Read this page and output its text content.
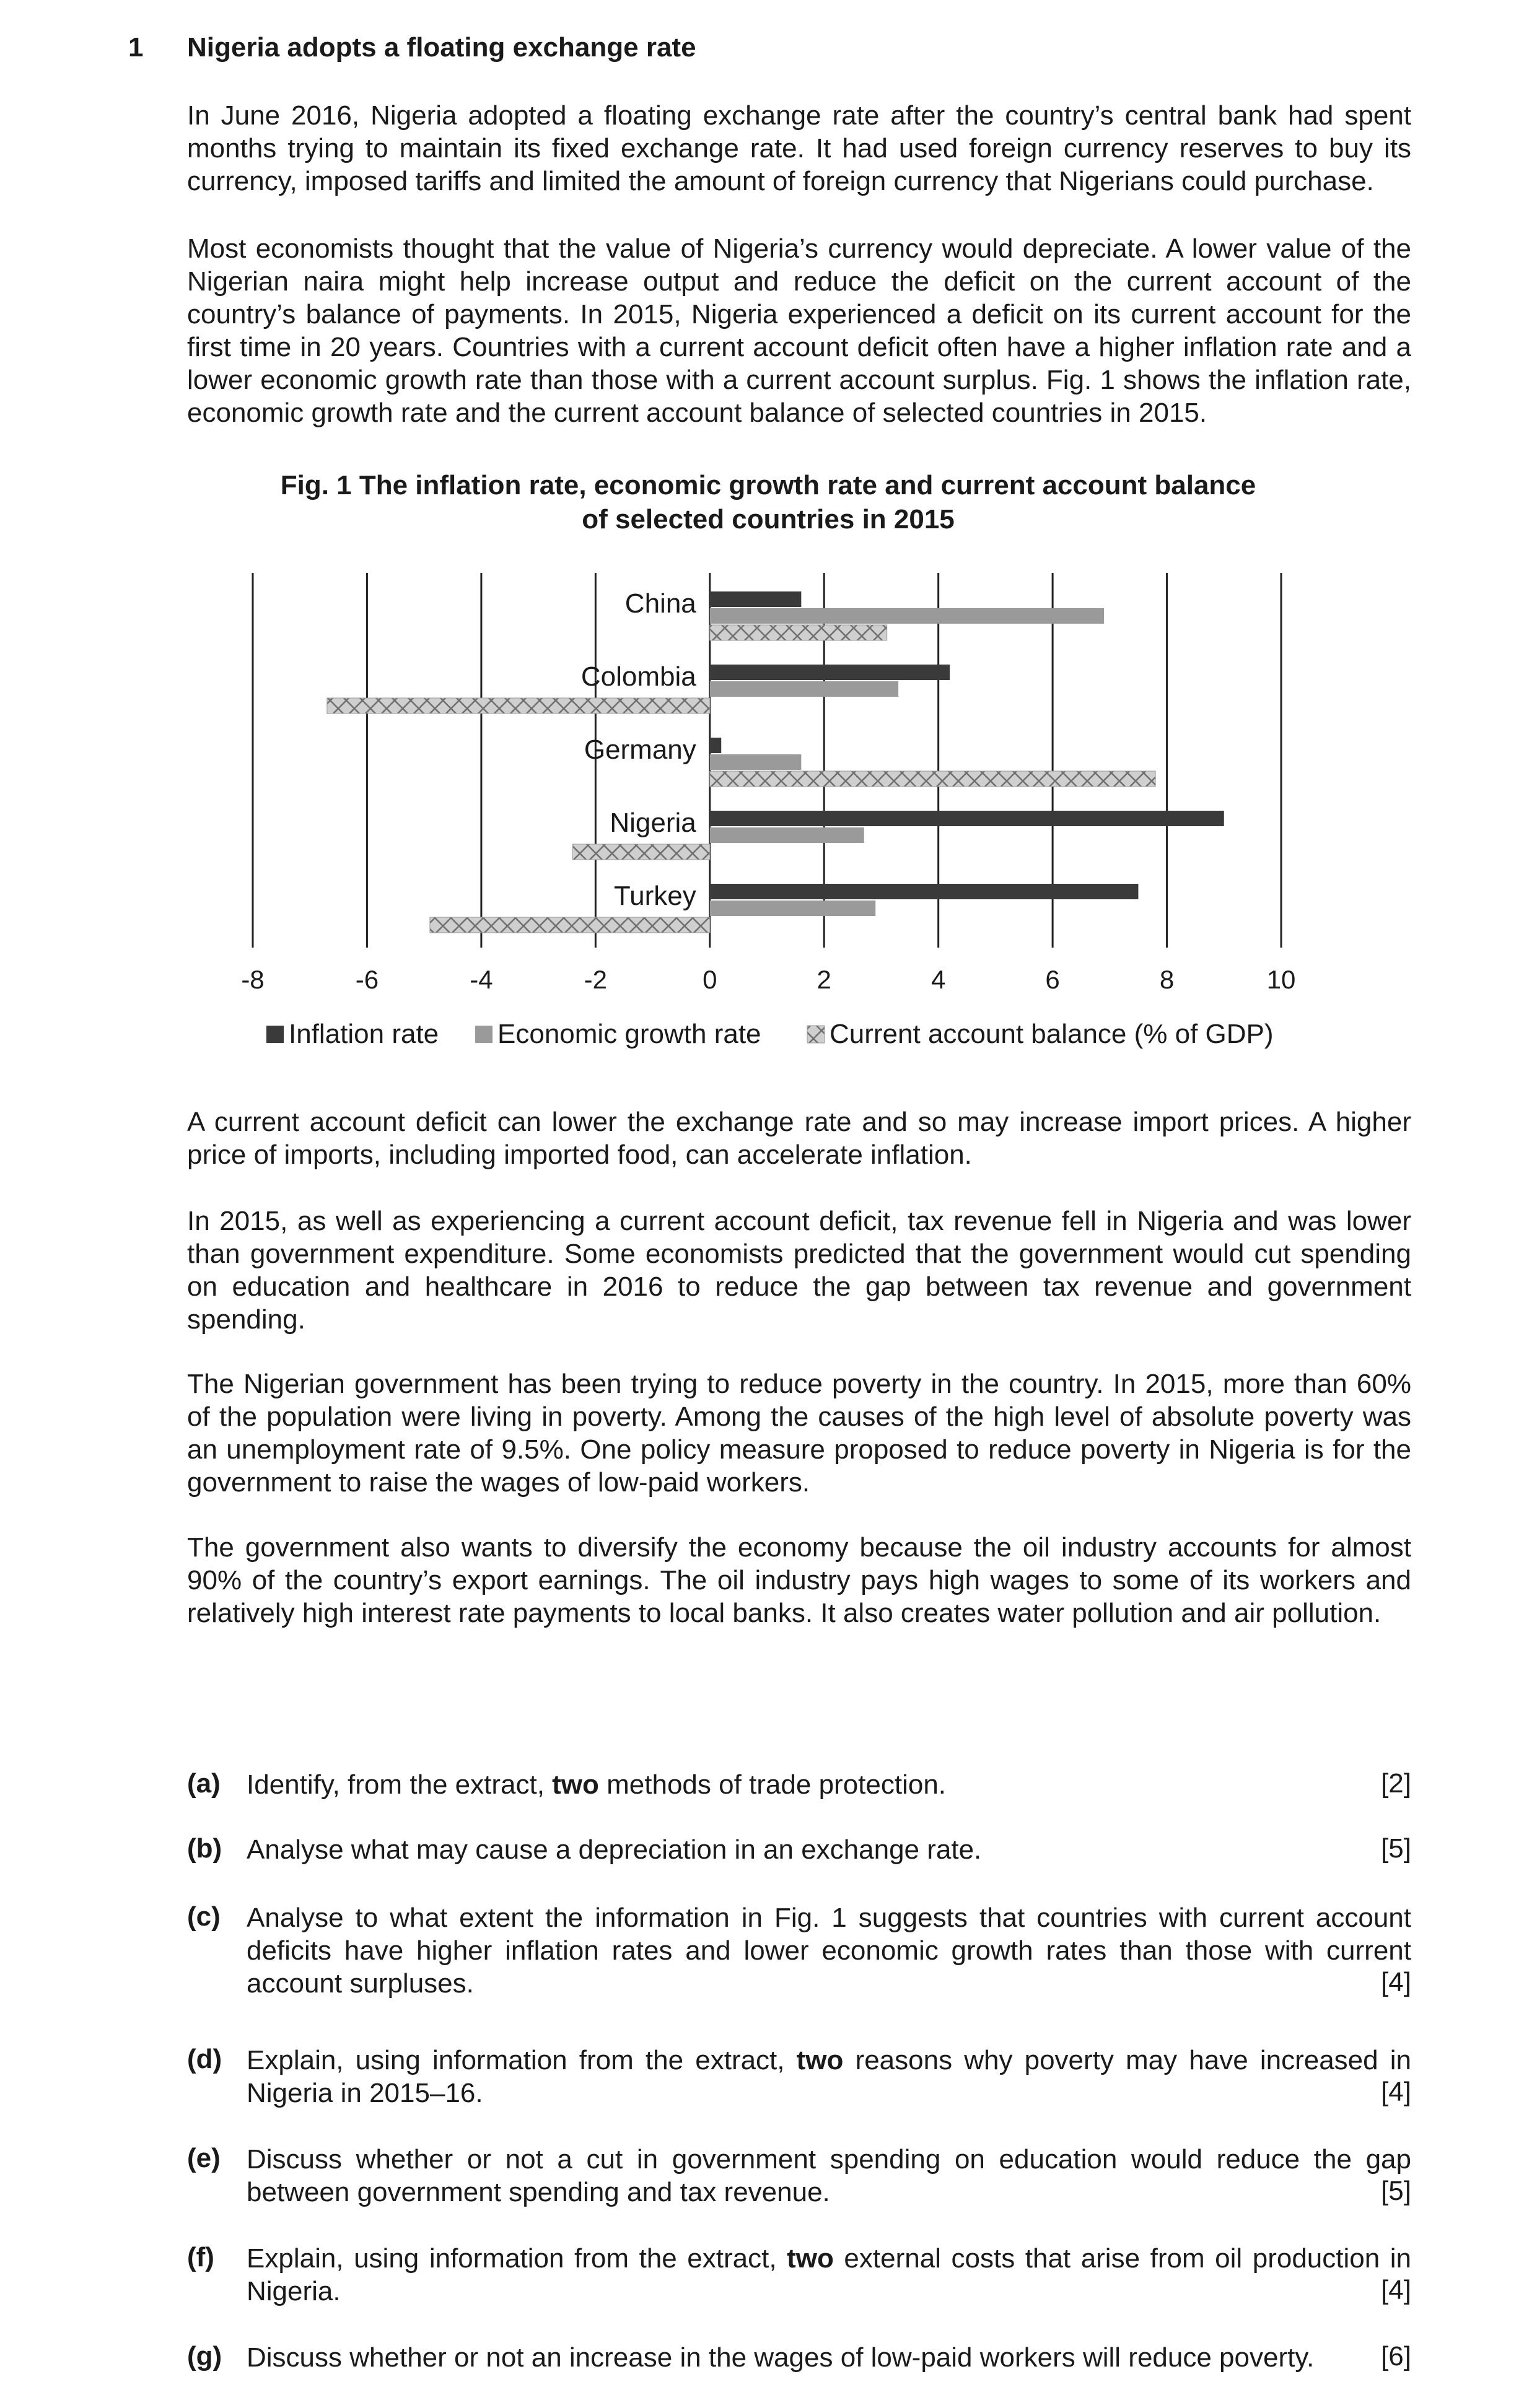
1 Nigeria adopts a floating exchange rate

In June 2016, Nigeria adopted a floating exchange rate after the country’s central bank had spent months trying to maintain its fixed exchange rate. It had used foreign currency reserves to buy its currency, imposed tariffs and limited the amount of foreign currency that Nigerians could purchase.

Most economists thought that the value of Nigeria’s currency would depreciate. A lower value of the Nigerian naira might help increase output and reduce the deficit on the current account of the country’s balance of payments. In 2015, Nigeria experienced a deficit on its current account for the first time in 20 years. Countries with a current account deficit often have a higher inflation rate and a lower economic growth rate than those with a current account surplus. Fig. 1 shows the inflation rate, economic growth rate and the current account balance of selected countries in 2015.

Fig. 1 The inflation rate, economic growth rate and current account balance
of selected countries in 2015
China
Colombia
Germany
Nigeria
Turkey
-8	-6	-4	-2	0	2	4	6	8	10
Inflation rate Economic growth rate	Current account balance (% of GDP)

A current account deficit can lower the exchange rate and so may increase import prices. A higher price of imports, including imported food, can accelerate inflation.

In 2015, as well as experiencing a current account deficit, tax revenue fell in Nigeria and was lower than government expenditure. Some economists predicted that the government would cut spending on education and healthcare in 2016 to reduce the gap between tax revenue and government spending.

The Nigerian government has been trying to reduce poverty in the country. In 2015, more than 60% of the population were living in poverty. Among the causes of the high level of absolute poverty was an unemployment rate of 9.5%. One policy measure proposed to reduce poverty in Nigeria is for the government to raise the wages of low-paid workers.

The government also wants to diversify the economy because the oil industry accounts for almost 90% of the country’s export earnings. The oil industry pays high wages to some of its workers and relatively high interest rate payments to local banks. It also creates water pollution and air pollution.

(a) Identify, from the extract, two methods of trade protection.	[2]
(b) Analyse what may cause a depreciation in an exchange rate.	[5]
(c) Analyse to what extent the information in Fig. 1 suggests that countries with current account deficits have higher inflation rates and lower economic growth rates than those with current account surpluses.	[4]
(d) Explain, using information from the extract, two reasons why poverty may have increased in Nigeria in 2015–16.	[4]
(e) Discuss whether or not a cut in government spending on education would reduce the gap between government spending and tax revenue.	[5]
(f) Explain, using information from the extract, two external costs that arise from oil production in Nigeria.	[4]
(g) Discuss whether or not an increase in the wages of low-paid workers will reduce poverty.	[6]
